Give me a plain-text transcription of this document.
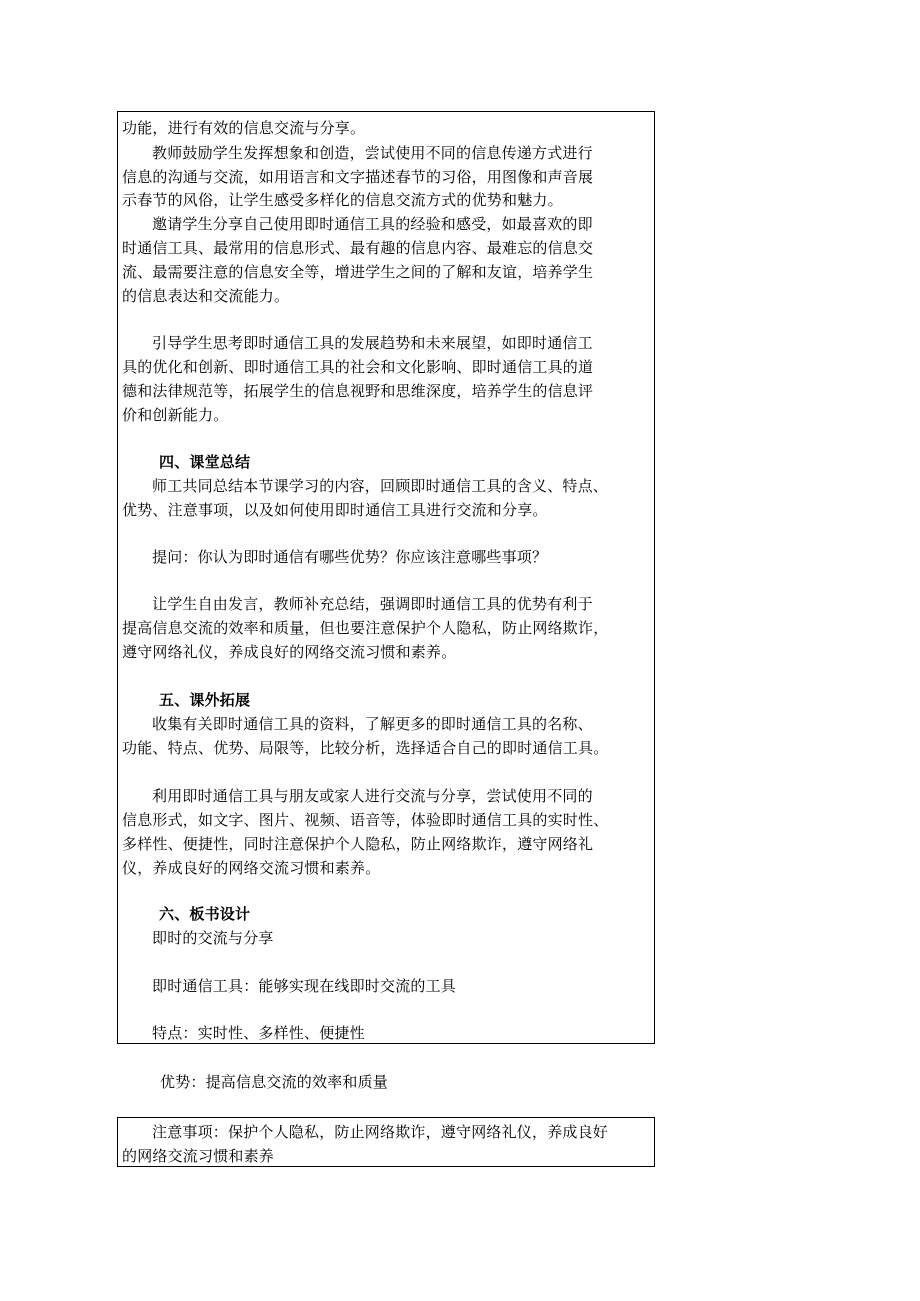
功能，进行有效的信息交流与分享。
教师鼓励学生发挥想象和创造，尝试使用不同的信息传递方式进行
信息的沟通与交流，如用语言和文字描述春节的习俗，用图像和声音展
示春节的风俗，让学生感受多样化的信息交流方式的优势和魅力。
邀请学生分享自己使用即时通信工具的经验和感受，如最喜欢的即
时通信工具、最常用的信息形式、最有趣的信息内容、最难忘的信息交
流、最需要注意的信息安全等，增进学生之间的了解和友谊，培养学生
的信息表达和交流能力。
引导学生思考即时通信工具的发展趋势和未来展望，如即时通信工
具的优化和创新、即时通信工具的社会和文化影响、即时通信工具的道
德和法律规范等，拓展学生的信息视野和思维深度，培养学生的信息评
价和创新能力。
四、课堂总结
师工共同总结本节课学习的内容，回顾即时通信工具的含义、特点、
优势、注意事项，以及如何使用即时通信工具进行交流和分享。
提问：你认为即时通信有哪些优势？你应该注意哪些事项？
让学生自由发言，教师补充总结，强调即时通信工具的优势有利于
提高信息交流的效率和质量，但也要注意保护个人隐私，防止网络欺诈，
遵守网络礼仪，养成良好的网络交流习惯和素养。
五、课外拓展
收集有关即时通信工具的资料，了解更多的即时通信工具的名称、
功能、特点、优势、局限等，比较分析，选择适合自己的即时通信工具。
利用即时通信工具与朋友或家人进行交流与分享，尝试使用不同的
信息形式，如文字、图片、视频、语音等，体验即时通信工具的实时性、
多样性、便捷性，同时注意保护个人隐私，防止网络欺诈，遵守网络礼
仪，养成良好的网络交流习惯和素养。
六、板书设计
即时的交流与分享
即时通信工具：能够实现在线即时交流的工具
特点：实时性、多样性、便捷性
优势：提高信息交流的效率和质量
注意事项：保护个人隐私，防止网络欺诈，遵守网络礼仪，养成良好
的网络交流习惯和素养
